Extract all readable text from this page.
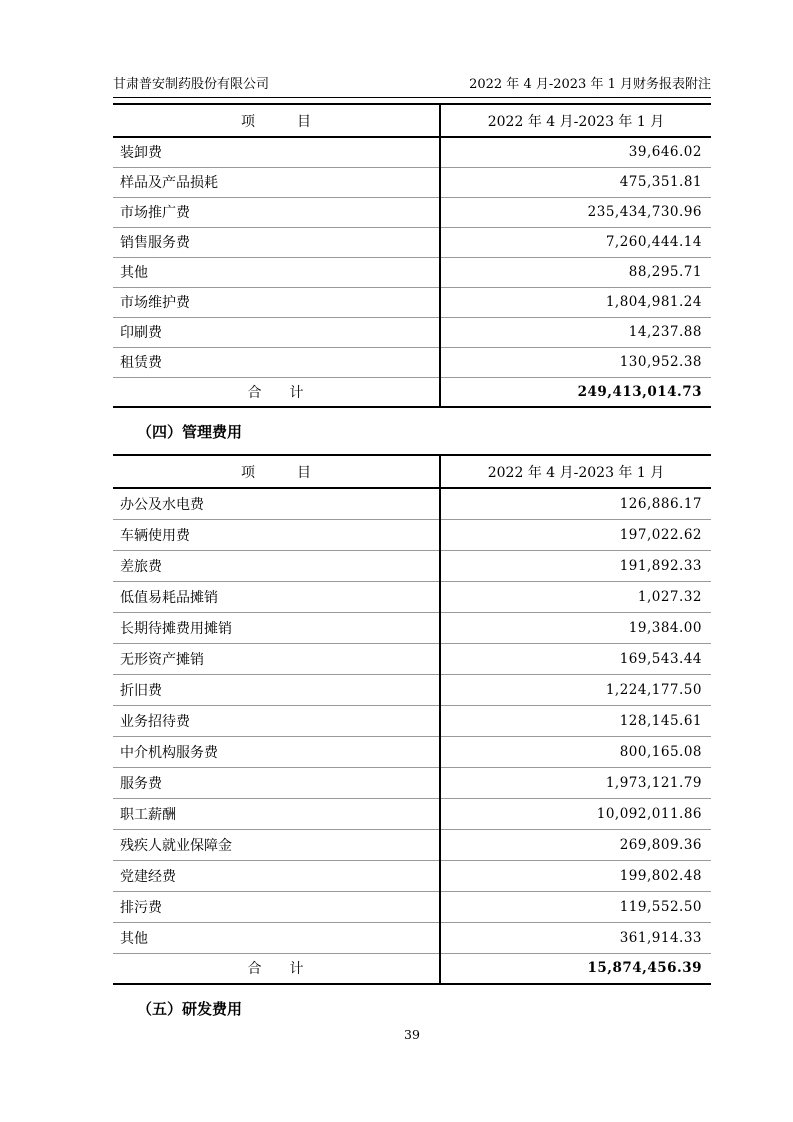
甘肃普安制药股份有限公司	2022 年 4 月-2023 年 1 月财务报表附注
项　　　目	2022 年 4 月-2023 年 1 月
装卸费	39,646.02
样品及产品损耗	475,351.81
市场推广费	235,434,730.96
销售服务费	7,260,444.14
其他	88,295.71
市场维护费	1,804,981.24
印刷费	14,237.88
租赁费	130,952.38
合　　计	249,413,014.73
（四）管理费用
项　　　目	2022 年 4 月-2023 年 1 月
办公及水电费	126,886.17
车辆使用费	197,022.62
差旅费	191,892.33
低值易耗品摊销	1,027.32
长期待摊费用摊销	19,384.00
无形资产摊销	169,543.44
折旧费	1,224,177.50
业务招待费	128,145.61
中介机构服务费	800,165.08
服务费	1,973,121.79
职工薪酬	10,092,011.86
残疾人就业保障金	269,809.36
党建经费	199,802.48
排污费	119,552.50
其他	361,914.33
合　　计	15,874,456.39
（五）研发费用
39
